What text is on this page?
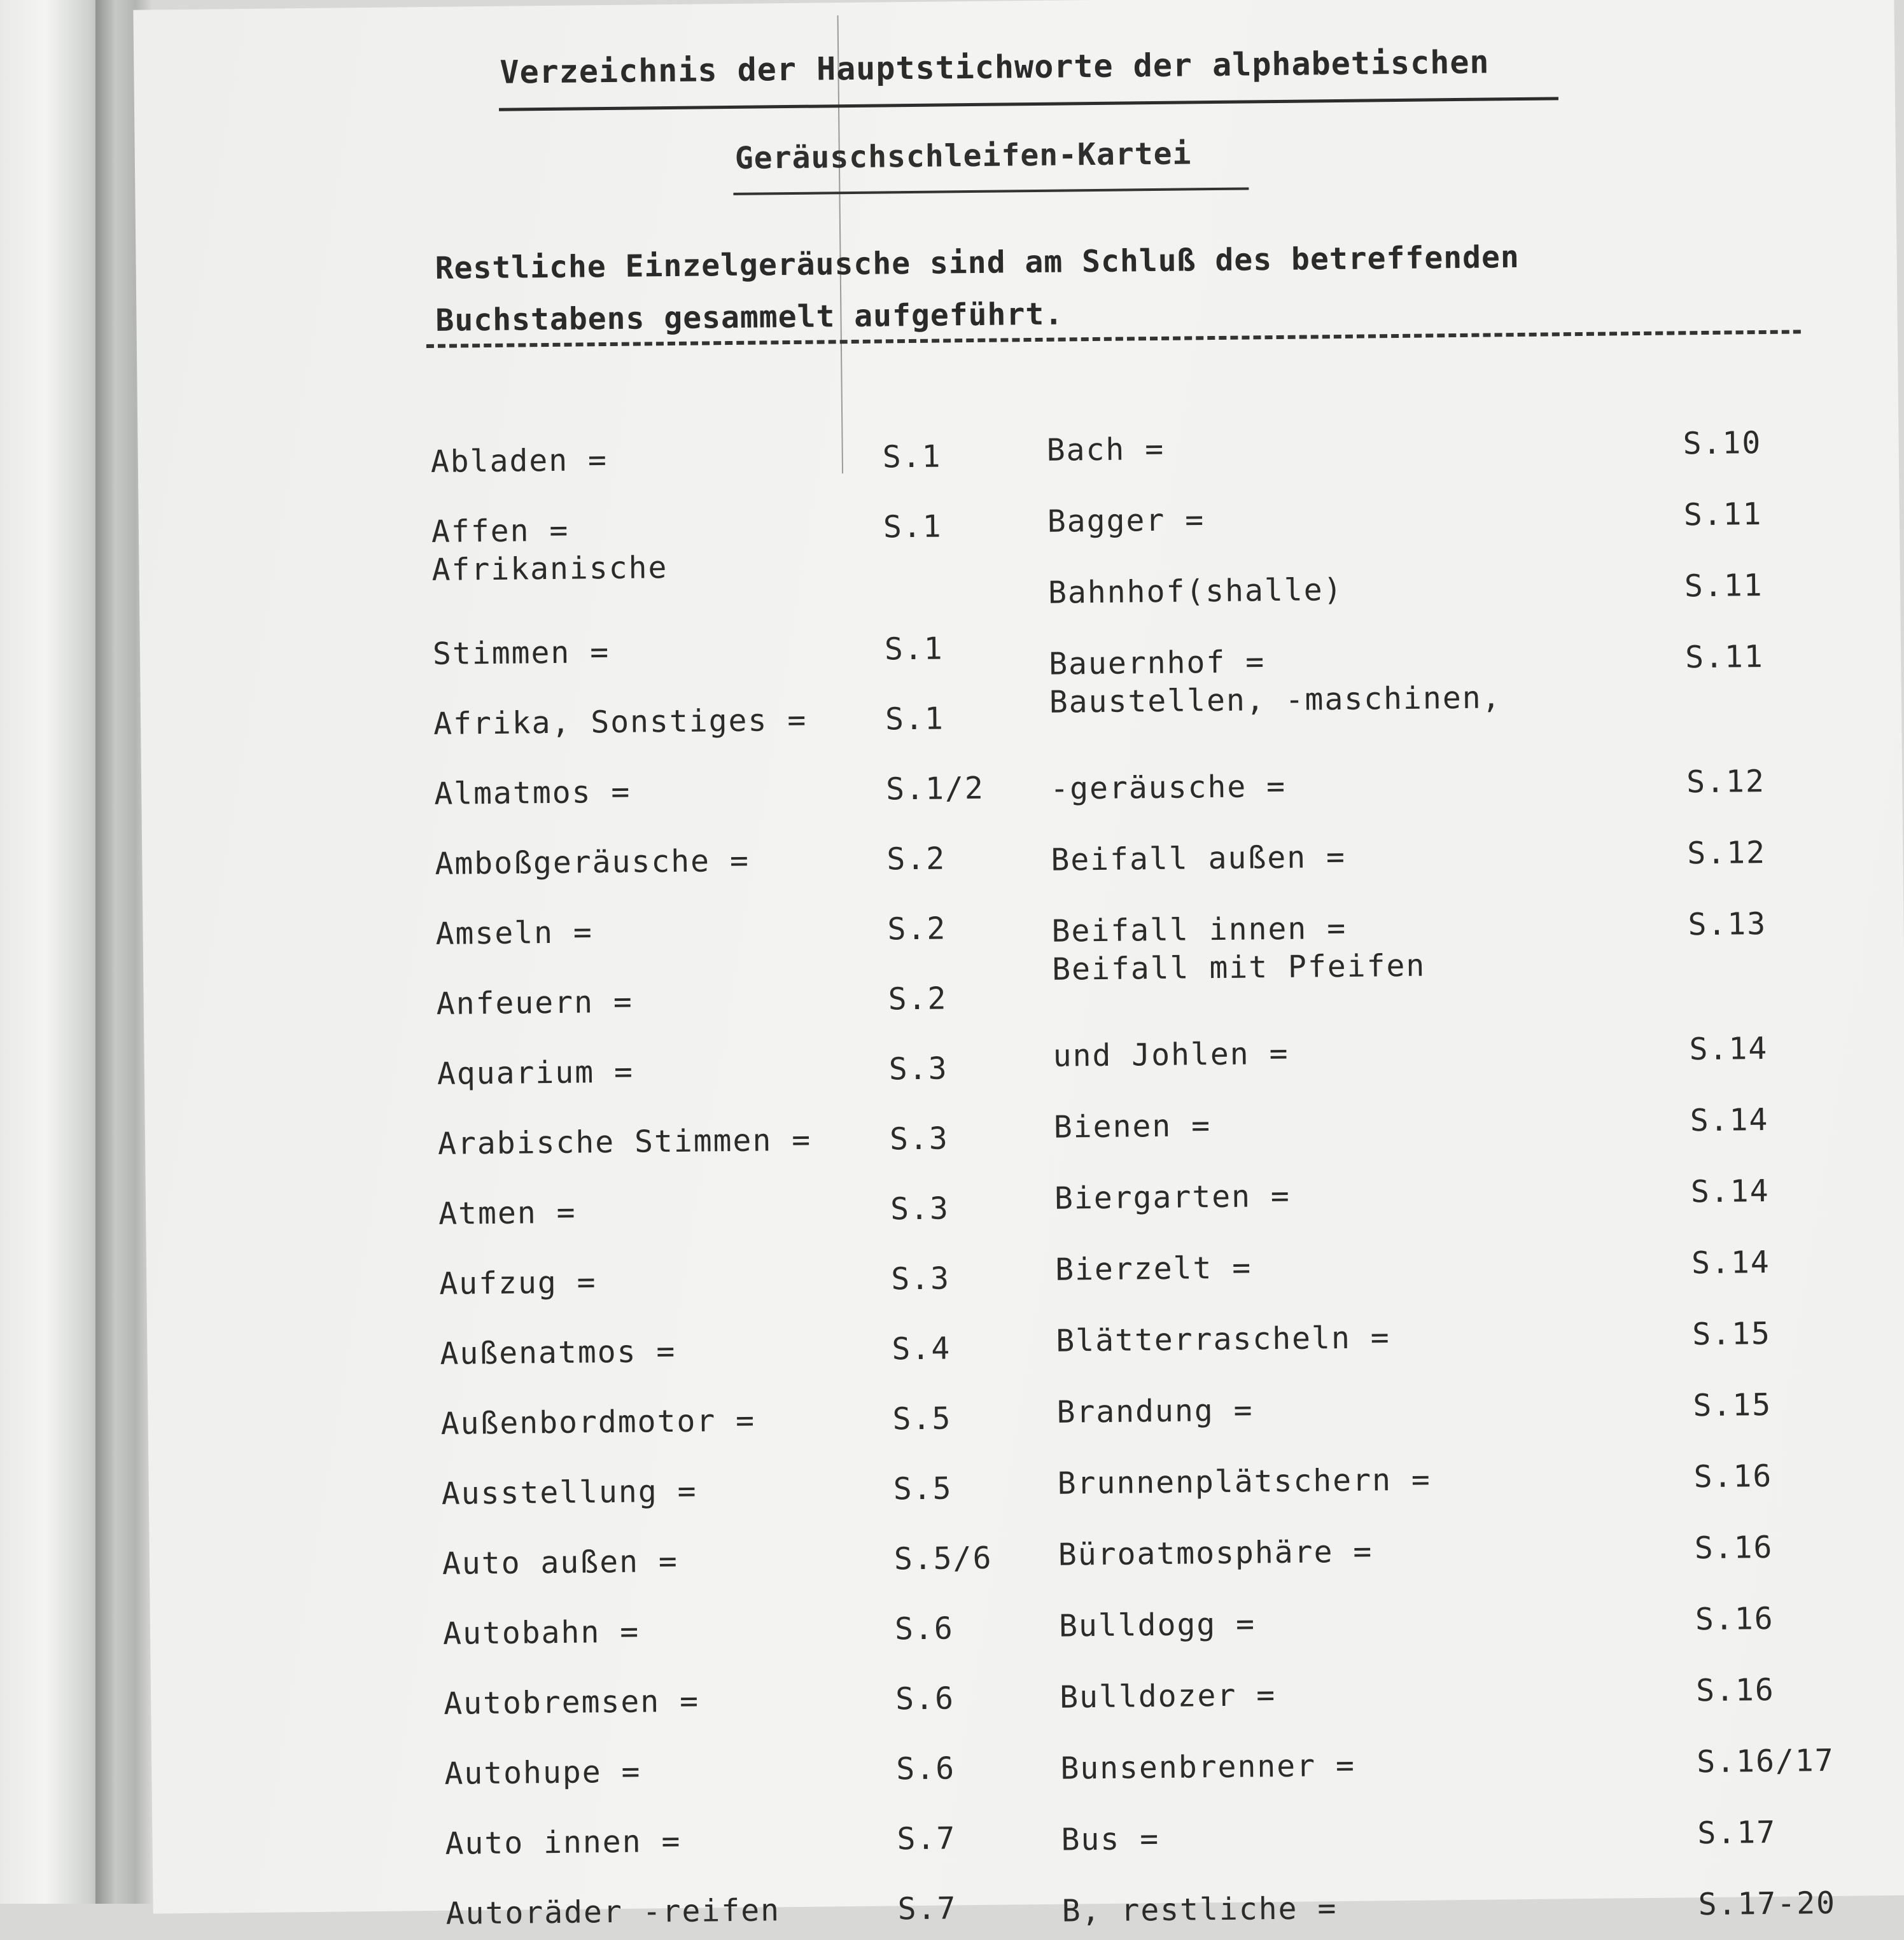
Verzeichnis der Hauptstichworte der alphabetischen
Geräuschschleifen-Kartei
Restliche Einzelgeräusche sind am Schluß des betreffenden
Buchstabens gesammelt aufgeführt.
Abladen =	S.1
Affen =	S.1
Afrikanische
Stimmen =	S.1
Afrika, Sonstiges =	S.1
Almatmos =	S.1/2
Amboßgeräusche =	S.2
Amseln =	S.2
Anfeuern =	S.2
Aquarium =	S.3
Arabische Stimmen =	S.3
Atmen =	S.3
Aufzug =	S.3
Außenatmos =	S.4
Außenbordmotor =	S.5
Ausstellung =	S.5
Auto außen =	S.5/6
Autobahn =	S.6
Autobremsen =	S.6
Autohupe =	S.6
Auto innen =	S.7
Autoräder -reifen	S.7
Bach =	S.10
Bagger =	S.11
Bahnhof(shalle)	S.11
Bauernhof =	S.11
Baustellen, -maschinen,
-geräusche =	S.12
Beifall außen =	S.12
Beifall innen =	S.13
Beifall mit Pfeifen
und Johlen =	S.14
Bienen =	S.14
Biergarten =	S.14
Bierzelt =	S.14
Blätterrascheln =	S.15
Brandung =	S.15
Brunnenplätschern =	S.16
Büroatmosphäre =	S.16
Bulldogg =	S.16
Bulldozer =	S.16
Bunsenbrenner =	S.16/17
Bus =	S.17
B, restliche =	S.17-20
